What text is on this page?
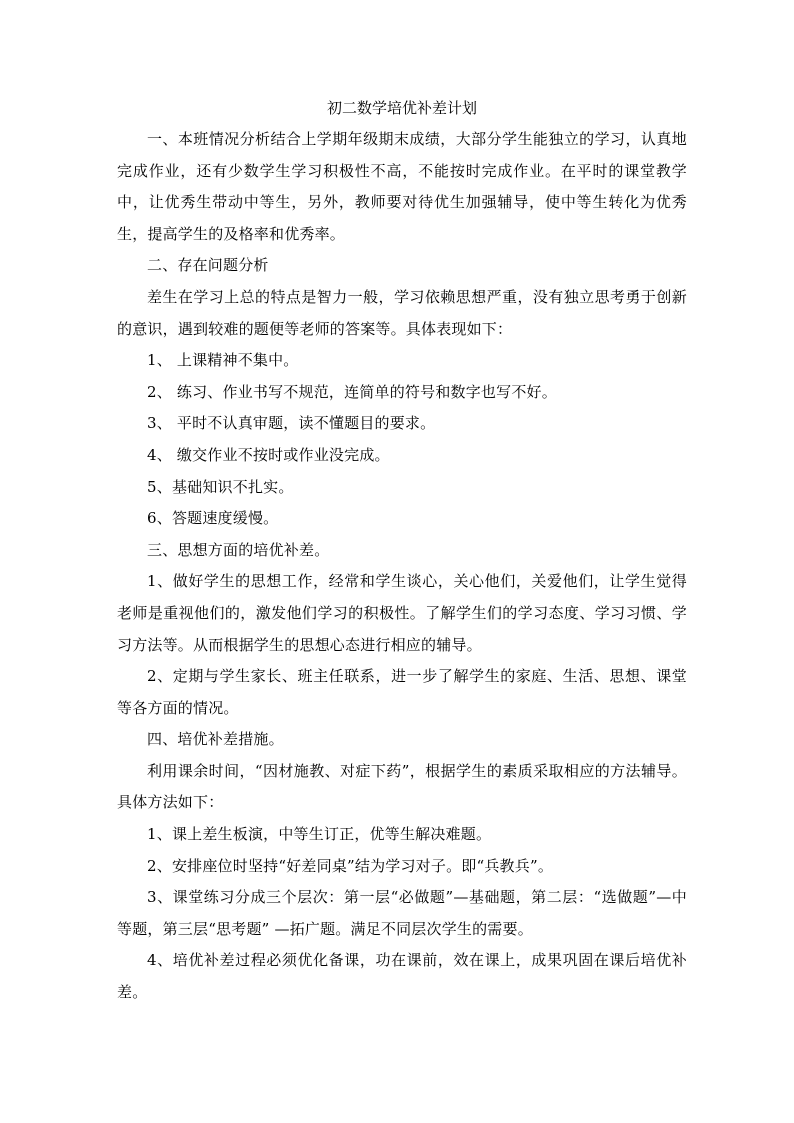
初二数学培优补差计划

一、本班情况分析结合上学期年级期末成绩，大部分学生能独立的学习，认真地完成作业，还有少数学生学习积极性不高，不能按时完成作业。在平时的课堂教学中，让优秀生带动中等生，另外，教师要对待优生加强辅导，使中等生转化为优秀生，提高学生的及格率和优秀率。

二、存在问题分析

差生在学习上总的特点是智力一般，学习依赖思想严重，没有独立思考勇于创新的意识，遇到较难的题便等老师的答案等。具体表现如下：

1、 上课精神不集中。

2、 练习、作业书写不规范，连简单的符号和数字也写不好。

3、 平时不认真审题，读不懂题目的要求。

4、 缴交作业不按时或作业没完成。

5、基础知识不扎实。

6、答题速度缓慢。

三、思想方面的培优补差。

1、做好学生的思想工作，经常和学生谈心，关心他们，关爱他们，让学生觉得老师是重视他们的，激发他们学习的积极性。了解学生们的学习态度、学习习惯、学习方法等。从而根据学生的思想心态进行相应的辅导。

2、定期与学生家长、班主任联系，进一步了解学生的家庭、生活、思想、课堂等各方面的情况。

四、培优补差措施。

利用课余时间，“因材施教、对症下药”，根据学生的素质采取相应的方法辅导。具体方法如下：

1、课上差生板演，中等生订正，优等生解决难题。

2、安排座位时坚持“好差同桌”结为学习对子。即“兵教兵”。

3、课堂练习分成三个层次：第一层“必做题”—基础题，第二层：“选做题”—中等题，第三层“思考题” —拓广题。满足不同层次学生的需要。

4、培优补差过程必须优化备课，功在课前，效在课上，成果巩固在课后培优补差。
